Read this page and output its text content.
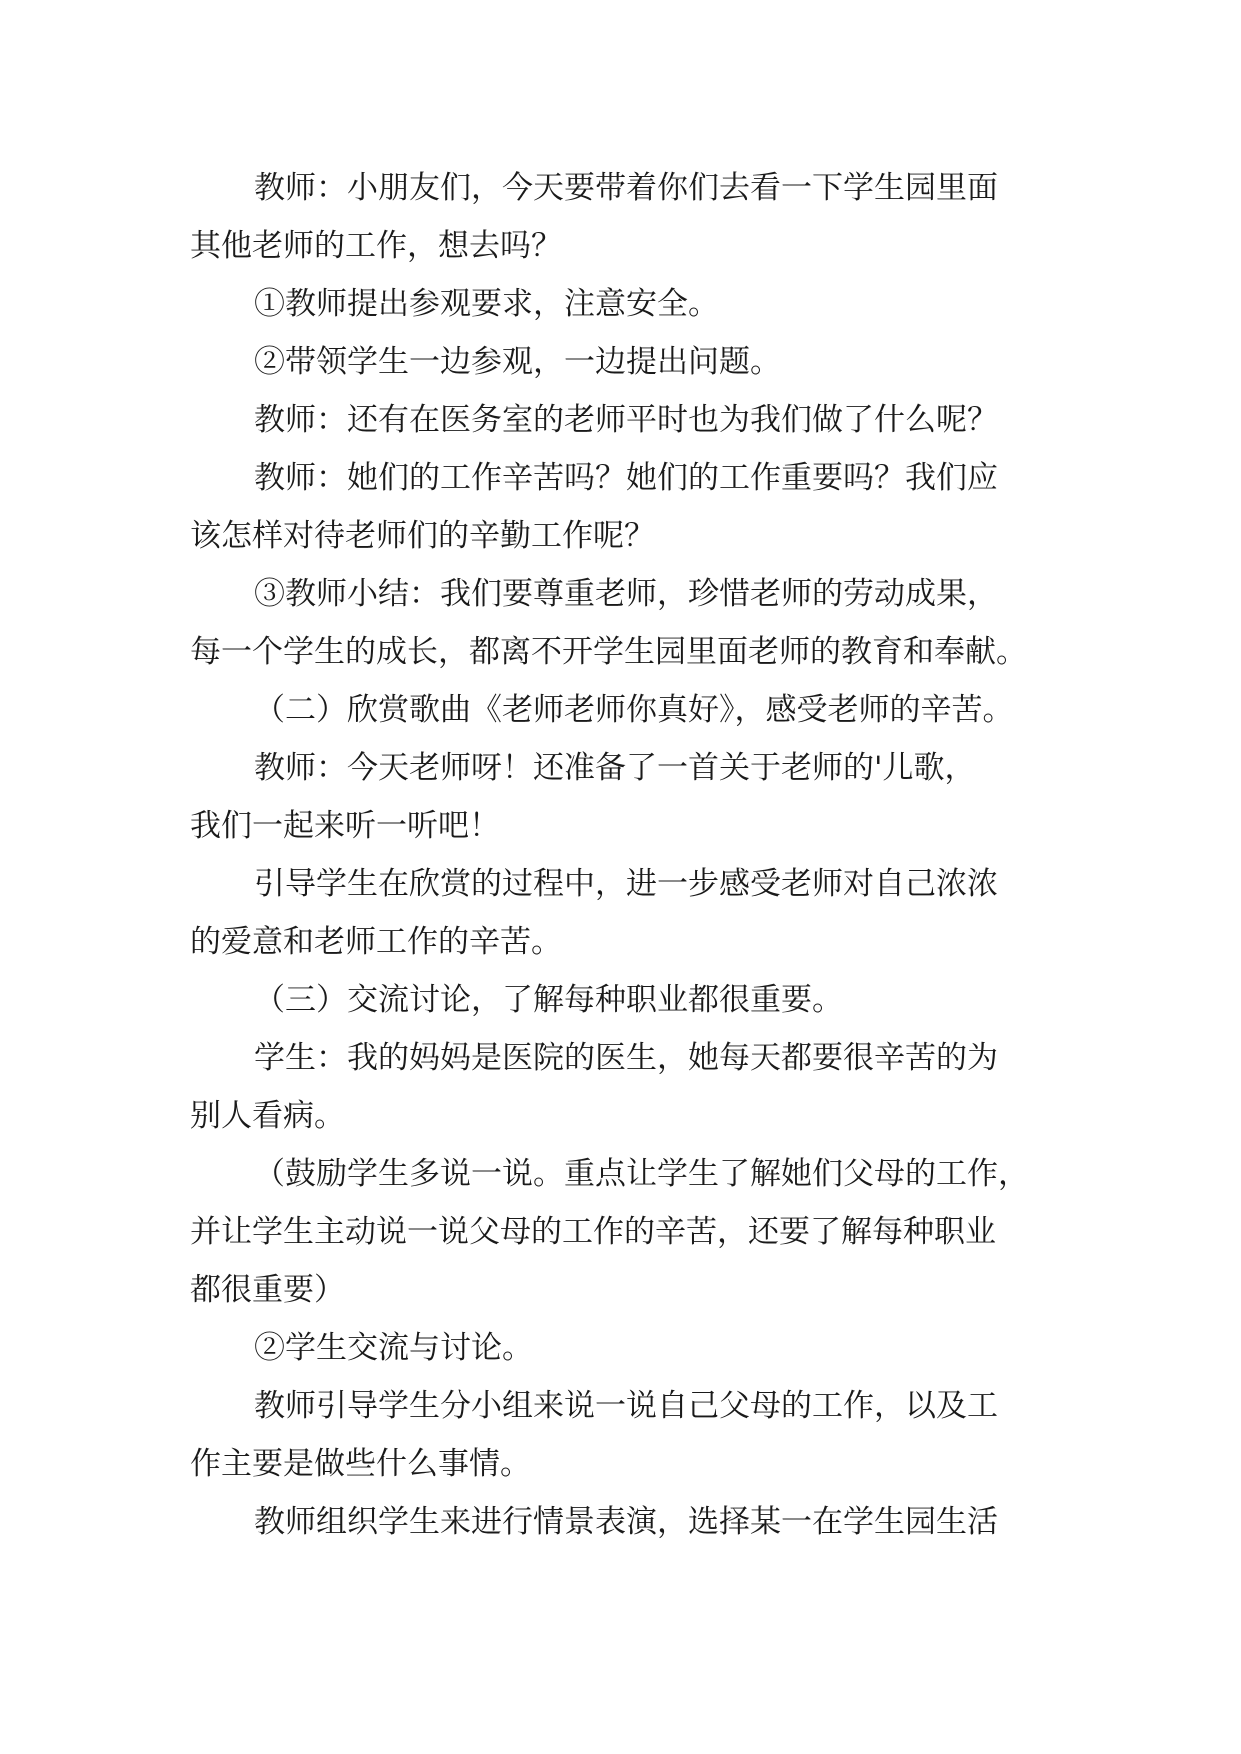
教师：小朋友们，今天要带着你们去看一下学生园里面
其他老师的工作，想去吗？
①教师提出参观要求，注意安全。
②带领学生一边参观，一边提出问题。
教师：还有在医务室的老师平时也为我们做了什么呢？
教师：她们的工作辛苦吗？她们的工作重要吗？我们应
该怎样对待老师们的辛勤工作呢？
③教师小结：我们要尊重老师，珍惜老师的劳动成果，
每一个学生的成长，都离不开学生园里面老师的教育和奉献。
（二）欣赏歌曲《老师老师你真好》，感受老师的辛苦。
教师：今天老师呀！还准备了一首关于老师的'儿歌，
我们一起来听一听吧！
引导学生在欣赏的过程中，进一步感受老师对自己浓浓
的爱意和老师工作的辛苦。
（三）交流讨论，了解每种职业都很重要。
学生：我的妈妈是医院的医生，她每天都要很辛苦的为
别人看病。
（鼓励学生多说一说。重点让学生了解她们父母的工作，
并让学生主动说一说父母的工作的辛苦，还要了解每种职业
都很重要）
②学生交流与讨论。
教师引导学生分小组来说一说自己父母的工作，以及工
作主要是做些什么事情。
教师组织学生来进行情景表演，选择某一在学生园生活
